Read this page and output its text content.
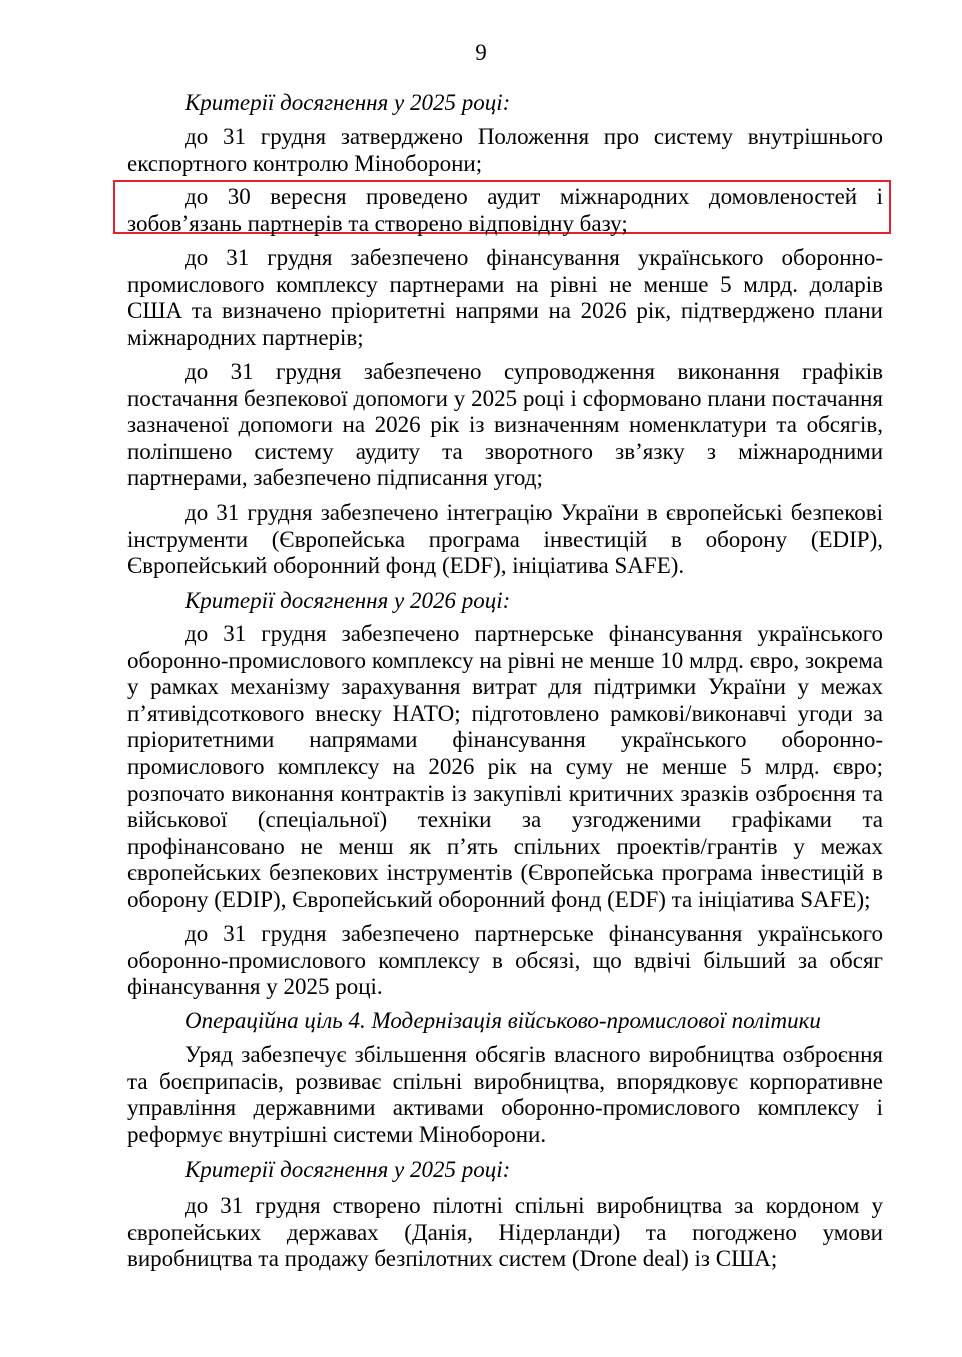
9

Критерії досягнення у 2025 році:

до 31 грудня затверджено Положення про систему внутрішнього експортного контролю Міноборони;

до 30 вересня проведено аудит міжнародних домовленостей і зобов’язань партнерів та створено відповідну базу;

до 31 грудня забезпечено фінансування українського оборонно-промислового комплексу партнерами на рівні не менше 5 млрд. доларів США та визначено пріоритетні напрями на 2026 рік, підтверджено плани міжнародних партнерів;

до 31 грудня забезпечено супроводження виконання графіків постачання безпекової допомоги у 2025 році і сформовано плани постачання зазначеної допомоги на 2026 рік із визначенням номенклатури та обсягів, поліпшено систему аудиту та зворотного зв’язку з міжнародними партнерами, забезпечено підписання угод;

до 31 грудня забезпечено інтеграцію України в європейські безпекові інструменти (Європейська програма інвестицій в оборону (EDIP), Європейський оборонний фонд (EDF), ініціатива SAFE).

Критерії досягнення у 2026 році:

до 31 грудня забезпечено партнерське фінансування українського оборонно-промислового комплексу на рівні не менше 10 млрд. євро, зокрема у рамках механізму зарахування витрат для підтримки України у межах п’ятивідсоткового внеску НАТО; підготовлено рамкові/виконавчі угоди за пріоритетними напрямами фінансування українського оборонно-промислового комплексу на 2026 рік на суму не менше 5 млрд. євро; розпочато виконання контрактів із закупівлі критичних зразків озброєння та військової (спеціальної) техніки за узгодженими графіками та профінансовано не менш як п’ять спільних проектів/грантів у межах європейських безпекових інструментів (Європейська програма інвестицій в оборону (EDIP), Європейський оборонний фонд (EDF) та ініціатива SAFE);

до 31 грудня забезпечено партнерське фінансування українського оборонно-промислового комплексу в обсязі, що вдвічі більший за обсяг фінансування у 2025 році.

Операційна ціль 4. Модернізація військово-промислової політики

Уряд забезпечує збільшення обсягів власного виробництва озброєння та боєприпасів, розвиває спільні виробництва, впорядковує корпоративне управління державними активами оборонно-промислового комплексу і реформує внутрішні системи Міноборони.

Критерії досягнення у 2025 році:

до 31 грудня створено пілотні спільні виробництва за кордоном у європейських державах (Данія, Нідерланди) та погоджено умови виробництва та продажу безпілотних систем (Drone deal) із США;
